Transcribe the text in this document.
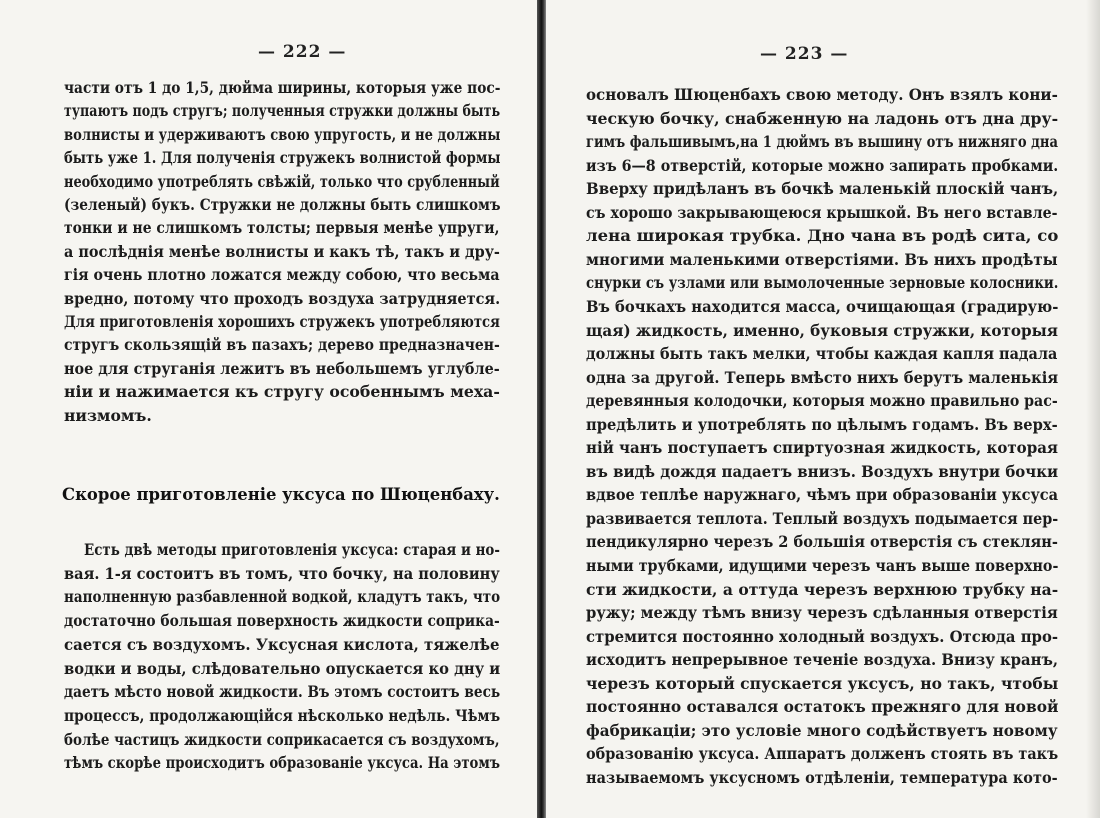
— 222 —
части отъ 1 до 1,5, дюйма ширины, которыя уже пос-
тупаютъ подъ стругъ; полученныя стружки должны быть
волнисты и удерживаютъ свою упругость, и не должны
быть уже 1. Для полученія стружекъ волнистой формы
необходимо употреблять свѣжій, только что срубленный
(зеленый) букъ. Стружки не должны быть слишкомъ
тонки и не слишкомъ толсты; первыя менѣе упруги,
а послѣднія менѣе волнисты и какъ тѣ, такъ и дру-
гія очень плотно ложатся между собою, что весьма
вредно, потому что проходъ воздуха затрудняется.
Для приготовленія хорошихъ стружекъ употребляются
стругъ скользящій въ пазахъ; дерево предназначен-
ное для струганія лежитъ въ небольшемъ углубле-
ніи и нажимается къ стругу особеннымъ меха-
низмомъ.
Скорое приготовленіе уксуса по Шюценбаху.
Есть двѣ методы приготовленія уксуса: старая и но-
вая. 1-я состоитъ въ томъ, что бочку, на половину
наполненную разбавленной водкой, кладутъ такъ, что
достаточно большая поверхность жидкости соприка-
сается съ воздухомъ. Уксусная кислота, тяжелѣе
водки и воды, слѣдовательно опускается ко дну и
даетъ мѣсто новой жидкости. Въ этомъ состоитъ весь
процессъ, продолжающійся нѣсколько недѣль. Чѣмъ
болѣе частицъ жидкости соприкасается съ воздухомъ,
тѣмъ скорѣе происходитъ образованіе уксуса. На этомъ
— 223 —
основалъ Шюценбахъ свою методу. Онъ взялъ кони-
ческую бочку, снабженную на ладонь отъ дна дру-
гимъ фальшивымъ,на 1 дюймъ въ вышину отъ нижняго дна
изъ 6—8 отверстій, которые можно запирать пробками.
Вверху придѣланъ въ бочкѣ маленькій плоскій чанъ,
съ хорошо закрывающеюся крышкой. Въ него вставле-
лена широкая трубка. Дно чана въ родѣ сита, со
многими маленькими отверстіями. Въ нихъ продѣты
снурки съ узлами или вымолоченные зерновые колосники.
Въ бочкахъ находится масса, очищающая (градирую-
щая) жидкость, именно, буковыя стружки, которыя
должны быть такъ мелки, чтобы каждая капля падала
одна за другой. Теперь вмѣсто нихъ берутъ маленькія
деревянныя колодочки, которыя можно правильно рас-
предѣлить и употреблять по цѣлымъ годамъ. Въ верх-
ній чанъ поступаетъ спиртуозная жидкость, которая
въ видѣ дождя падаетъ внизъ. Воздухъ внутри бочки
вдвое теплѣе наружнаго, чѣмъ при образованіи уксуса
развивается теплота. Теплый воздухъ подымается пер-
пендикулярно черезъ 2 большія отверстія съ стеклян-
ными трубками, идущими черезъ чанъ выше поверхно-
сти жидкости, а оттуда черезъ верхнюю трубку на-
ружу; между тѣмъ внизу черезъ сдѣланныя отверстія
стремится постоянно холодный воздухъ. Отсюда про-
исходитъ непрерывное теченіе воздуха. Внизу кранъ,
черезъ который спускается уксусъ, но такъ, чтобы
постоянно оставался остатокъ прежняго для новой
фабрикаціи; это условіе много содѣйствуетъ новому
образованію уксуса. Аппаратъ долженъ стоять въ такъ
называемомъ уксусномъ отдѣленіи, температура кото-
